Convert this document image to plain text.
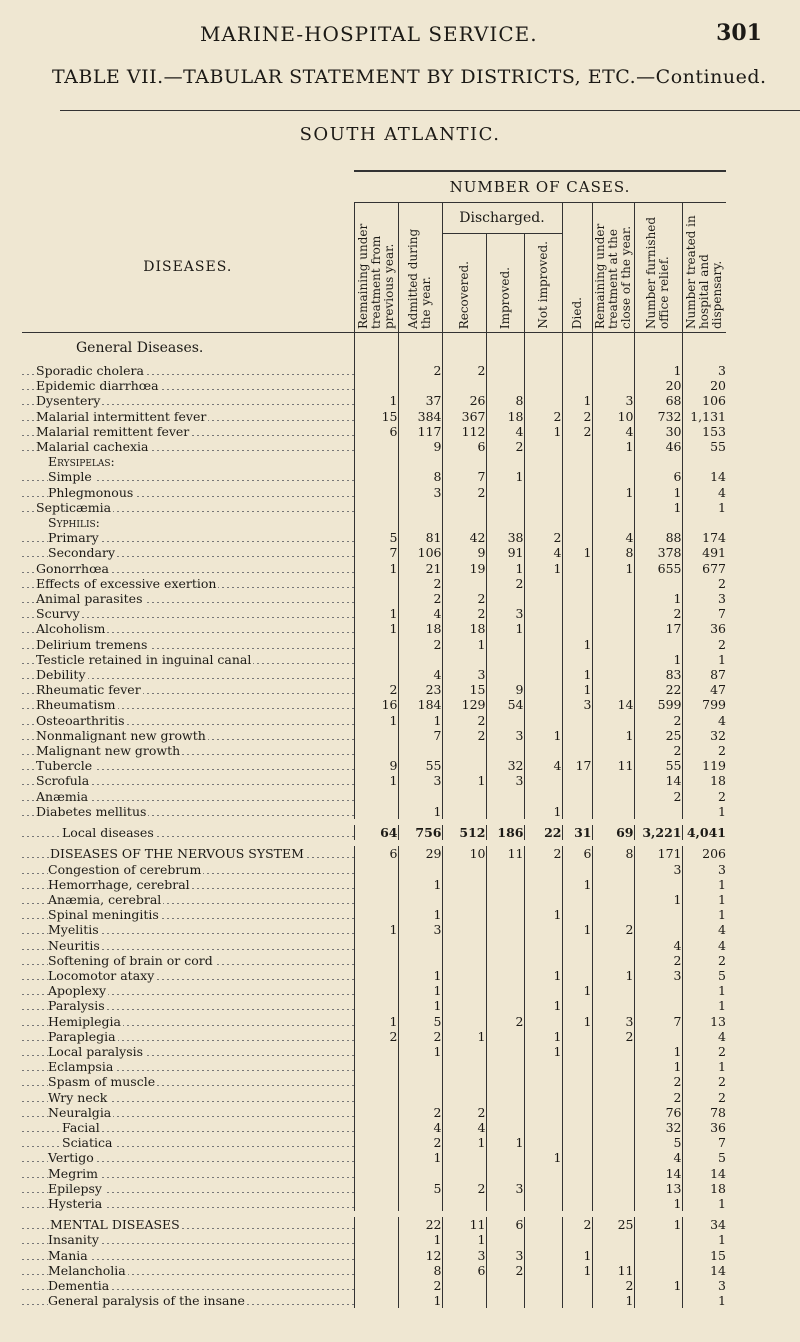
MARINE-HOSPITAL SERVICE.	301
TABLE VII.—TABULAR STATEMENT BY DISTRICTS, ETC.—Continued.
SOUTH ATLANTIC.
	NUMBER OF CASES.								
DISEASES.	Remaining under treatment from previous year.	Admitted during the year.	Discharged.			Died.	Remaining under treatment at the close of the year.	Number furnished office relief.	Number treated in hospital and dispensary.
			Recovered.	Improved.	Not improved.				
General Diseases.									
Sporadic cholera		2	2					1	3
Epidemic diarrhœa								20	20
Dysentery	1	37	26	8		1	3	68	106
Malarial intermittent fever	15	384	367	18	2	2	10	732	1,131
Malarial remittent fever	6	117	112	4	1	2	4	30	153
Malarial cachexia		9	6	2			1	46	55
Erysipelas:									
Simple		8	7	1				6	14
Phlegmonous		3	2				1	1	4
Septicæmia								1	1
Syphilis:									
Primary	5	81	42	38	2		4	88	174
Secondary	7	106	9	91	4	1	8	378	491
Gonorrhœa	1	21	19	1	1		1	655	677
Effects of excessive exertion		2		2					2
Animal parasites		2	2					1	3
Scurvy	1	4	2	3				2	7
Alcoholism	1	18	18	1				17	36
Delirium tremens		2	1			1			2
Testicle retained in inguinal canal								1	1
Debility		4	3			1		83	87
Rheumatic fever	2	23	15	9		1		22	47
Rheumatism	16	184	129	54		3	14	599	799
Osteoarthritis	1	1	2					2	4
Nonmalignant new growth		7	2	3	1		1	25	32
Malignant new growth								2	2
Tubercle	9	55		32	4	17	11	55	119
Scrofula	1	3	1	3				14	18
Anæmia								2	2
Diabetes mellitus		1			1				1

Local diseases	64	756	512	186	22	31	69	3,221	4,041

DISEASES OF THE NERVOUS SYSTEM	6	29	10	11	2	6	8	171	206
Congestion of cerebrum								3	3
Hemorrhage, cerebral		1				1			1
Anæmia, cerebral								1	1
Spinal meningitis		1			1				1
Myelitis	1	3				1	2		4
Neuritis								4	4
Softening of brain or cord								2	2
Locomotor ataxy		1			1		1	3	5
Apoplexy		1				1			1
Paralysis		1			1				1
Hemiplegia	1	5		2		1	3	7	13
Paraplegia	2	2	1		1		2		4
Local paralysis		1			1			1	2
Eclampsia								1	1
Spasm of muscle								2	2
Wry neck								2	2
Neuralgia		2	2					76	78
Facial		4	4					32	36
Sciatica		2	1	1				5	7
Vertigo		1			1			4	5
Megrim								14	14
Epilepsy		5	2	3				13	18
Hysteria								1	1

MENTAL DISEASES		22	11	6		2	25	1	34
Insanity		1	1						1
Mania		12	3	3		1			15
Melancholia		8	6	2		1	11		14
Dementia		2					2	1	3
General paralysis of the insane		1					1		1
